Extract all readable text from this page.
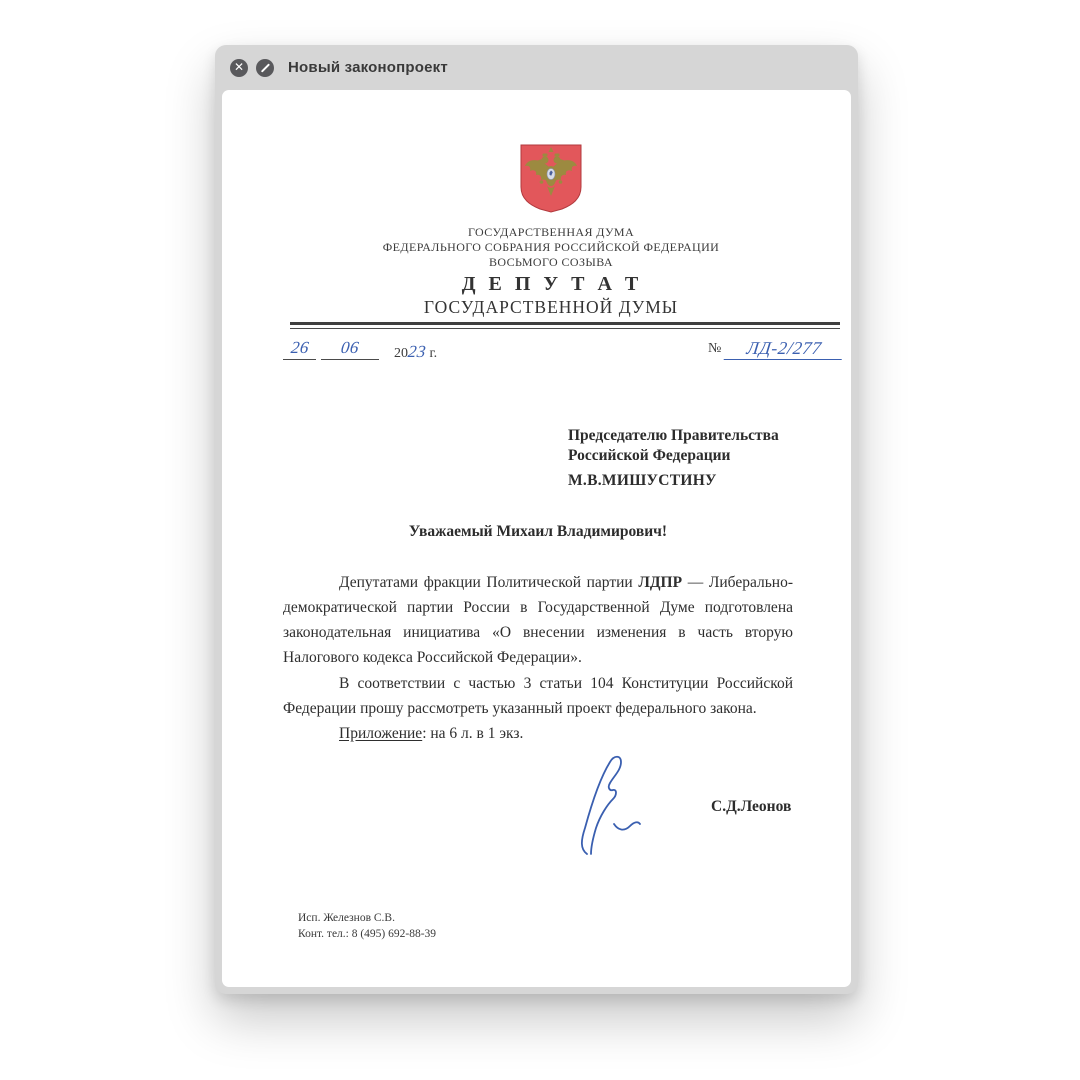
✕	Новый законопроект
ГОСУДАРСТВЕННАЯ ДУМА
ФЕДЕРАЛЬНОГО СОБРАНИЯ РОССИЙСКОЙ ФЕДЕРАЦИИ
ВОСЬМОГО СОЗЫВА
Д Е П У Т А Т
ГОСУДАРСТВЕННОЙ ДУМЫ
26	06	2023 г.	№ ЛД-2/277
Председателю Правительства
Российской Федерации
М.В.МИШУСТИНУ
Уважаемый Михаил Владимирович!

Депутатами фракции Политической партии ЛДПР — Либерально-демократической партии России в Государственной Думе подготовлена законодательная инициатива «О внесении изменения в часть вторую Налогового кодекса Российской Федерации».

В соответствии с частью 3 статьи 104 Конституции Российской Федерации прошу рассмотреть указанный проект федерального закона.

Приложение: на 6 л. в 1 экз.
С.Д.Леонов
Исп. Железнов С.В.
Конт. тел.: 8 (495) 692-88-39
